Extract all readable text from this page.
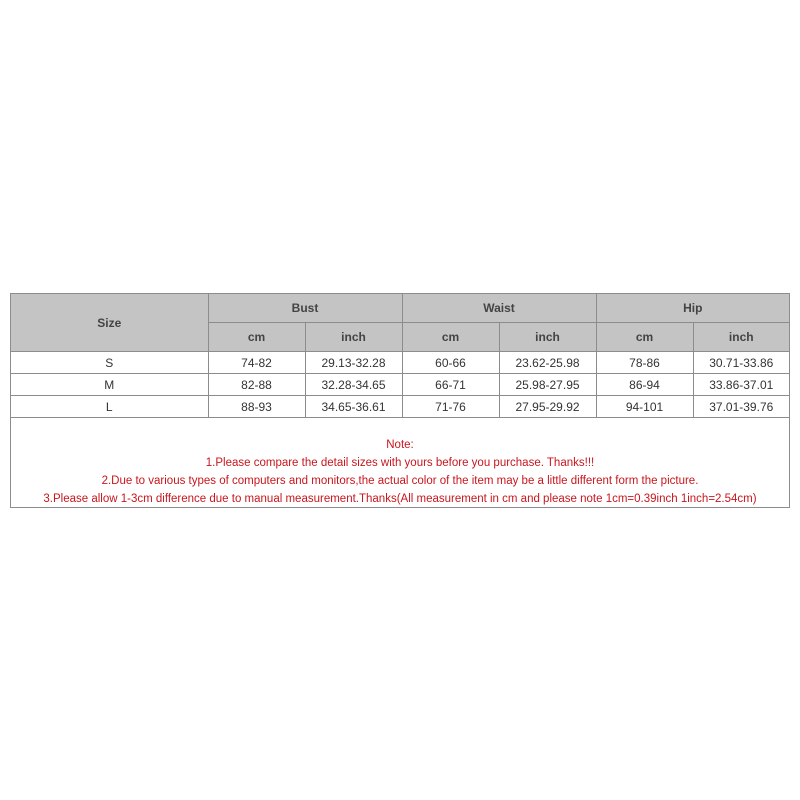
Size	Bust		Waist		Hip	
	cm	inch	cm	inch	cm	inch
S	74-82	29.13-32.28	60-66	23.62-25.98	78-86	30.71-33.86
M	82-88	32.28-34.65	66-71	25.98-27.95	86-94	33.86-37.01
L	88-93	34.65-36.61	71-76	27.95-29.92	94-101	37.01-39.76
Note:
1.Please compare the detail sizes with yours before you purchase. Thanks!!!
2.Due to various types of computers and monitors,the actual color of the item may be a little different form the picture.
3.Please allow 1-3cm difference due to manual measurement.Thanks(All measurement in cm and please note 1cm=0.39inch 1inch=2.54cm)
